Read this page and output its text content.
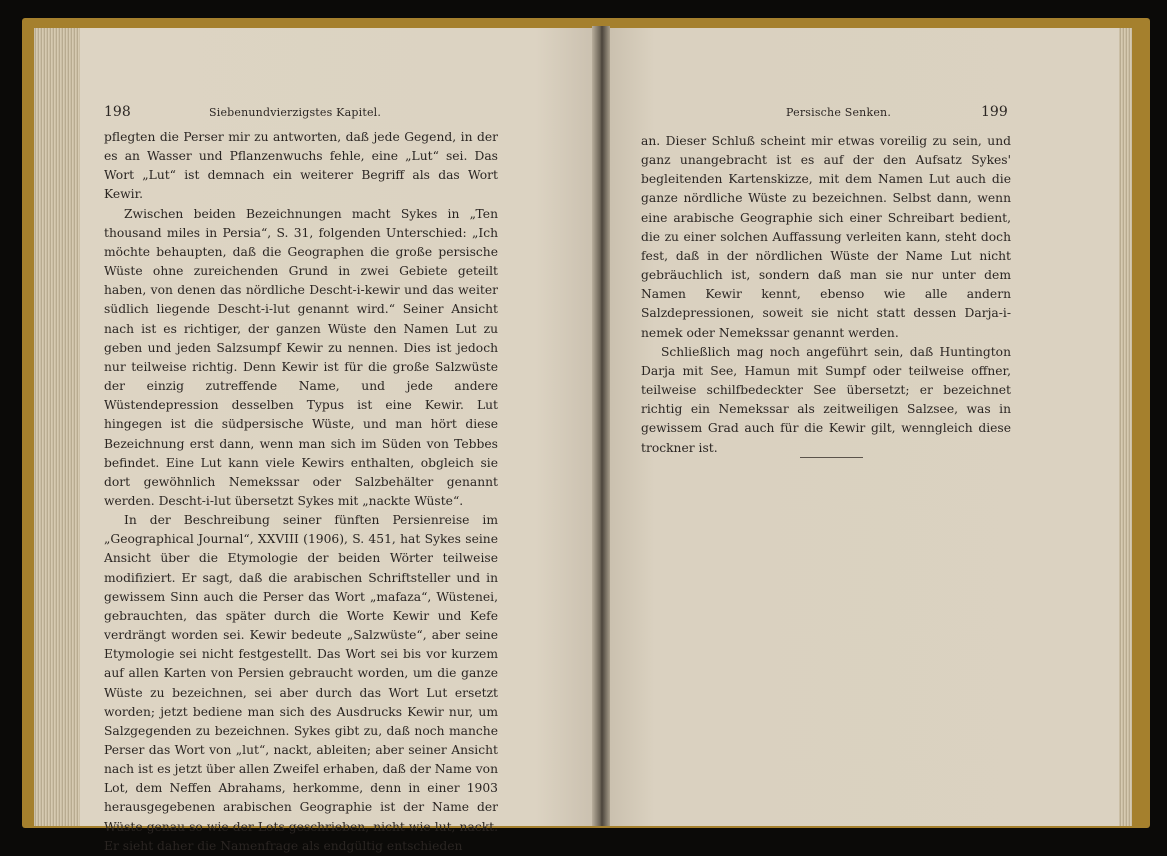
198	Siebenundvierzigstes Kapitel.

pflegten die Perser mir zu antworten, daß jede Gegend, in der es an Wasser und Pflanzenwuchs fehle, eine „Lut“ sei. Das Wort „Lut“ ist demnach ein weiterer Begriff als das Wort Kewir.

Zwischen beiden Bezeichnungen macht Sykes in „Ten thousand miles in Persia“, S. 31, folgenden Unterschied: „Ich möchte behaupten, daß die Geographen die große persische Wüste ohne zureichenden Grund in zwei Gebiete geteilt haben, von denen das nördliche Descht-i-kewir und das weiter südlich liegende Descht-i-lut genannt wird.“ Seiner Ansicht nach ist es richtiger, der ganzen Wüste den Namen Lut zu geben und jeden Salzsumpf Kewir zu nennen. Dies ist jedoch nur teilweise richtig. Denn Kewir ist für die große Salzwüste der einzig zutreffende Name, und jede andere Wüstendepression desselben Typus ist eine Kewir. Lut hingegen ist die südpersische Wüste, und man hört diese Bezeichnung erst dann, wenn man sich im Süden von Tebbes befindet. Eine Lut kann viele Kewirs enthalten, obgleich sie dort gewöhnlich Nemekssar oder Salzbehälter genannt werden. Descht-i-lut übersetzt Sykes mit „nackte Wüste“.

In der Beschreibung seiner fünften Persienreise im „Geographical Journal“, XXVIII (1906), S. 451, hat Sykes seine Ansicht über die Etymologie der beiden Wörter teilweise modifiziert. Er sagt, daß die arabischen Schriftsteller und in gewissem Sinn auch die Perser das Wort „mafaza“, Wüstenei, gebrauchten, das später durch die Worte Kewir und Kefe verdrängt worden sei. Kewir bedeute „Salzwüste“, aber seine Etymologie sei nicht festgestellt. Das Wort sei bis vor kurzem auf allen Karten von Persien gebraucht worden, um die ganze Wüste zu bezeichnen, sei aber durch das Wort Lut ersetzt worden; jetzt bediene man sich des Ausdrucks Kewir nur, um Salzgegenden zu bezeichnen. Sykes gibt zu, daß noch manche Perser das Wort von „lut“, nackt, ableiten; aber seiner Ansicht nach ist es jetzt über allen Zweifel erhaben, daß der Name von Lot, dem Neffen Abrahams, herkomme, denn in einer 1903 herausgegebenen arabischen Geographie ist der Name der Wüste genau so wie der Lots geschrieben, nicht wie lut, nackt. Er sieht daher die Namenfrage als endgültig entschieden

Persische Senken.	199

an. Dieser Schluß scheint mir etwas voreilig zu sein, und ganz unangebracht ist es auf der den Aufsatz Sykes' begleitenden Kartenskizze, mit dem Namen Lut auch die ganze nördliche Wüste zu bezeichnen. Selbst dann, wenn eine arabische Geographie sich einer Schreibart bedient, die zu einer solchen Auffassung verleiten kann, steht doch fest, daß in der nördlichen Wüste der Name Lut nicht gebräuchlich ist, sondern daß man sie nur unter dem Namen Kewir kennt, ebenso wie alle andern Salzdepressionen, soweit sie nicht statt dessen Darja-i-nemek oder Nemekssar genannt werden.

Schließlich mag noch angeführt sein, daß Huntington Darja mit See, Hamun mit Sumpf oder teilweise offner, teilweise schilfbedeckter See übersetzt; er bezeichnet richtig ein Nemekssar als zeitweiligen Salzsee, was in gewissem Grad auch für die Kewir gilt, wenngleich diese trockner ist.
